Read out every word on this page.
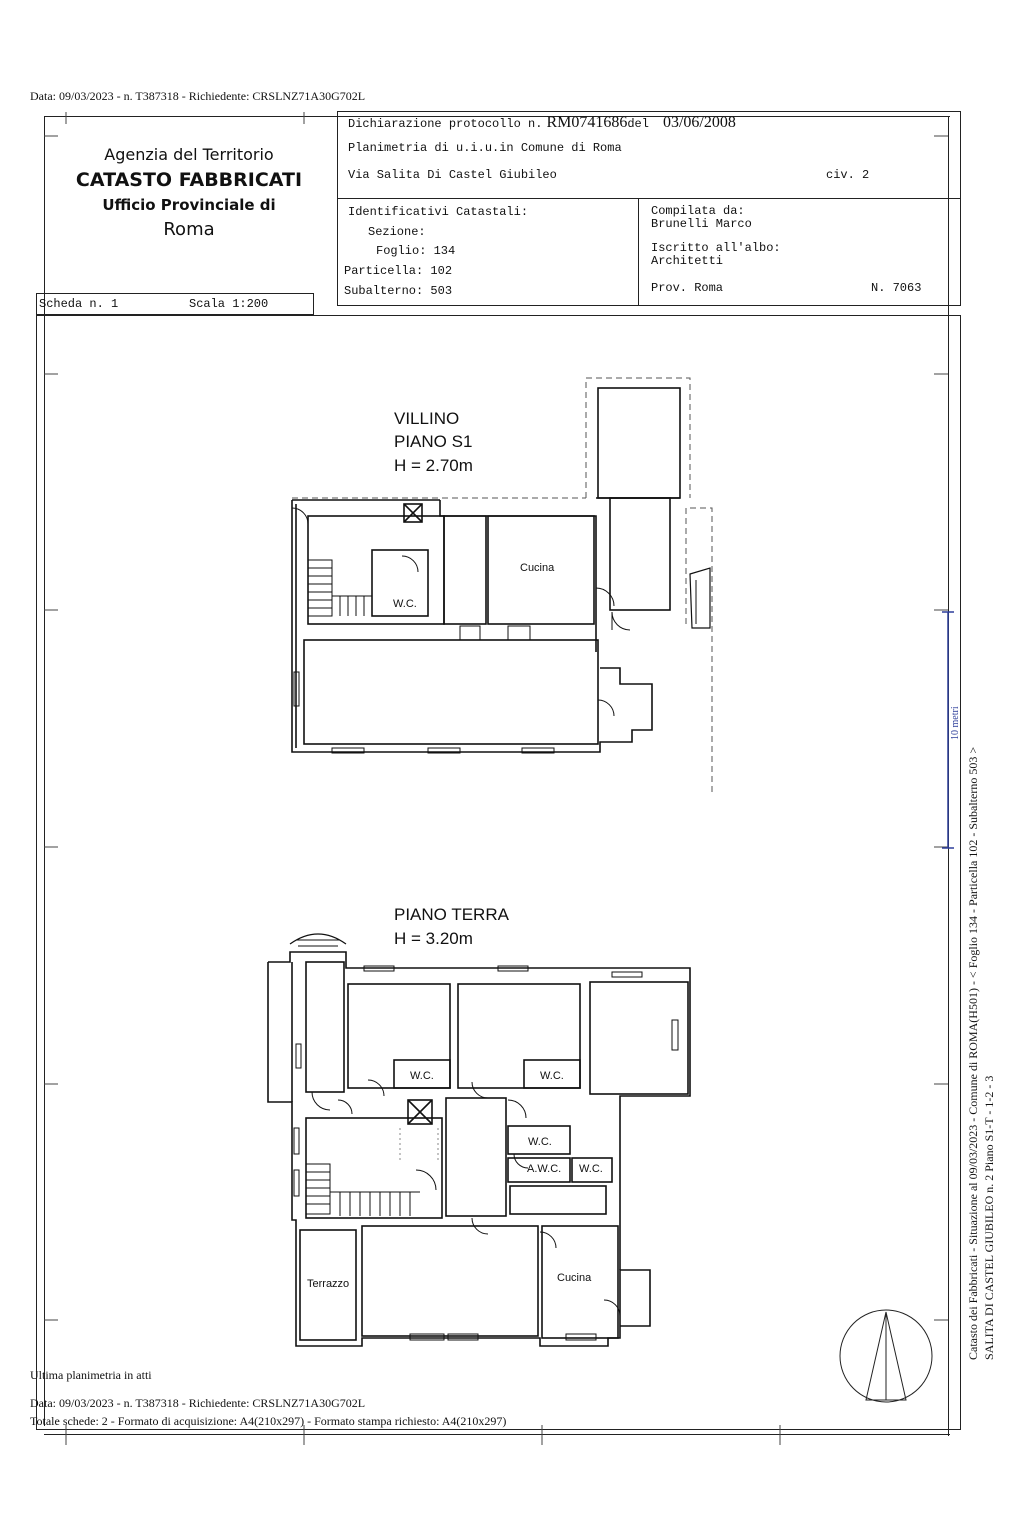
Data: 09/03/2023 - n. T387318 - Richiedente: CRSLNZ71A30G702L
Agenzia del Territorio
CATASTO FABBRICATI
Ufficio Provinciale di
Roma
Scheda n. 1	Scala 1:200
Dichiarazione protocollo n. RM0741686del 03/06/2008
Planimetria di u.i.u.in Comune di Roma
Via Salita Di Castel Giubileo	civ. 2
Identificativi Catastali:
Sezione:
Foglio: 134
Particella: 102
Subalterno: 503
Compilata da:
Brunelli Marco
Iscritto all'albo:
Architetti
Prov. Roma	N. 7063
10 metri
VILLINO
PIANO S1
H = 2.70m
Cucina
W.C.
PIANO TERRA
H = 3.20m
W.C.	W.C.
W.C.
A.W.C. W.C.
Terrazzo	Cucina	Catasto dei Fabbricati - Situazione al 09/03/2023 - Comune di ROMA(H501) - < Foglio 134 - Particella 102 - Subalterno 503 > SALITA DI CASTEL GIUBILEO n. 2 Piano S1-T - 1-2 - 3
Ultima planimetria in atti
Data: 09/03/2023 - n. T387318 - Richiedente: CRSLNZ71A30G702L
Totale schede: 2 - Formato di acquisizione: A4(210x297) - Formato stampa richiesto: A4(210x297)
